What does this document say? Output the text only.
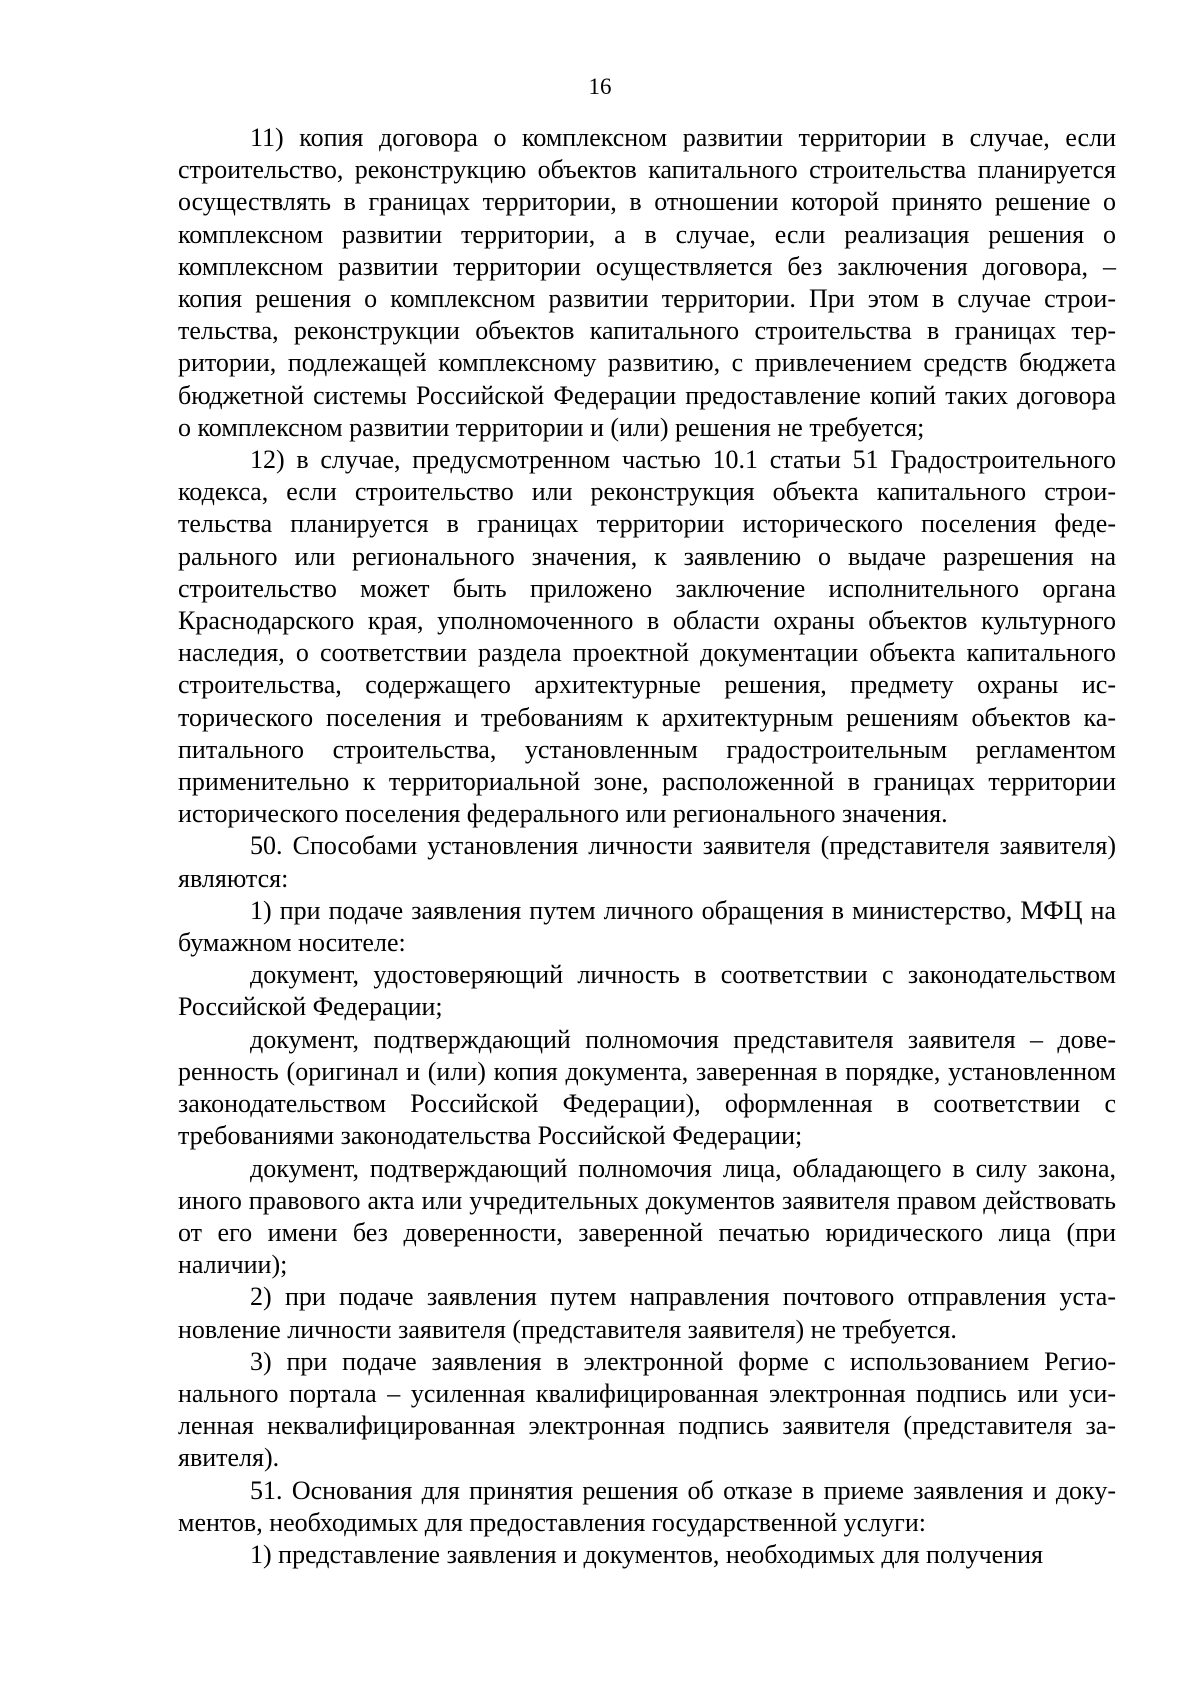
16

11) копия договора о комплексном развитии территории в случае, если строительство, реконструкцию объектов капитального строительства планируется осуществлять в границах территории, в отношении которой принято решение о комплексном развитии территории, а в случае, если реализация решения о комплексном развитии территории осуществляется без заключения договора, – копия решения о комплексном развитии территории. При этом в случае строительства, реконструкции объектов капитального строительства в границах территории, подлежащей комплексному развитию, с привлечением средств бюджета бюджетной системы Российской Федерации предоставление копий таких договора о комплексном развитии территории и (или) решения не требуется;

12) в случае, предусмотренном частью 10.1 статьи 51 Градостроительного кодекса, если строительство или реконструкция объекта капитального строительства планируется в границах территории исторического поселения федерального или регионального значения, к заявлению о выдаче разрешения на строительство может быть приложено заключение исполнительного органа Краснодарского края, уполномоченного в области охраны объектов культурного наследия, о соответствии раздела проектной документации объекта капитального строительства, содержащего архитектурные решения, предмету охраны исторического поселения и требованиям к архитектурным решениям объектов капитального строительства, установленным градостроительным регламентом применительно к территориальной зоне, расположенной в границах территории исторического поселения федерального или регионального значения.

50. Способами установления личности заявителя (представителя заявителя) являются:

1) при подаче заявления путем личного обращения в министерство, МФЦ на бумажном носителе:

документ, удостоверяющий личность в соответствии с законодательством Российской Федерации;

документ, подтверждающий полномочия представителя заявителя – доверенность (оригинал и (или) копия документа, заверенная в порядке, установленном законодательством Российской Федерации), оформленная в соответствии с требованиями законодательства Российской Федерации;

документ, подтверждающий полномочия лица, обладающего в силу закона, иного правового акта или учредительных документов заявителя правом действовать от его имени без доверенности, заверенной печатью юридического лица (при наличии);

2) при подаче заявления путем направления почтового отправления установление личности заявителя (представителя заявителя) не требуется.

3) при подаче заявления в электронной форме с использованием Регионального портала – усиленная квалифицированная электронная подпись или усиленная неквалифицированная электронная подпись заявителя (представителя заявителя).

51. Основания для принятия решения об отказе в приеме заявления и документов, необходимых для предоставления государственной услуги:

1) представление заявления и документов, необходимых для получения
